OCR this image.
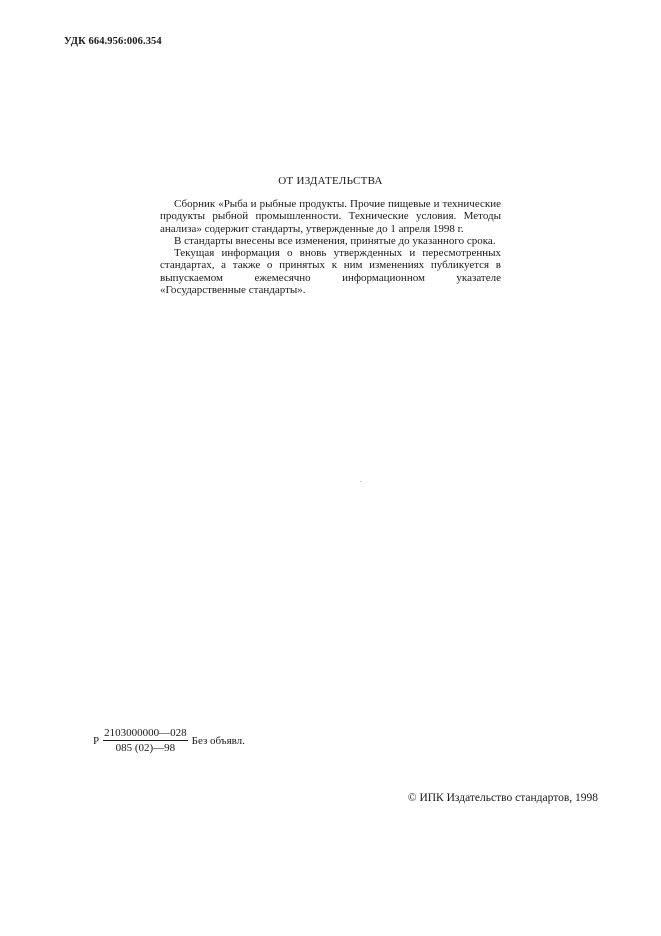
УДК 664.956:006.354
ОТ ИЗДАТЕЛЬСТВА

Сборник «Рыба и рыбные продукты. Прочие пищевые и технические продукты рыбной промышленности. Технические условия. Методы анализа» содержит стандарты, утвержденные до 1 апреля 1998 г.

В стандарты внесены все изменения, принятые до указанного срока.

Текущая информация о вновь утвержденных и пересмотренных стандартах, а также о принятых к ним изменениях публикуется в выпускаемом ежемесячно информационном указателе «Государственные стандарты».

Р $\frac{2103000000—028}{085 (02)—98}$ Без объявл.
© ИПК Издательство стандартов, 1998
